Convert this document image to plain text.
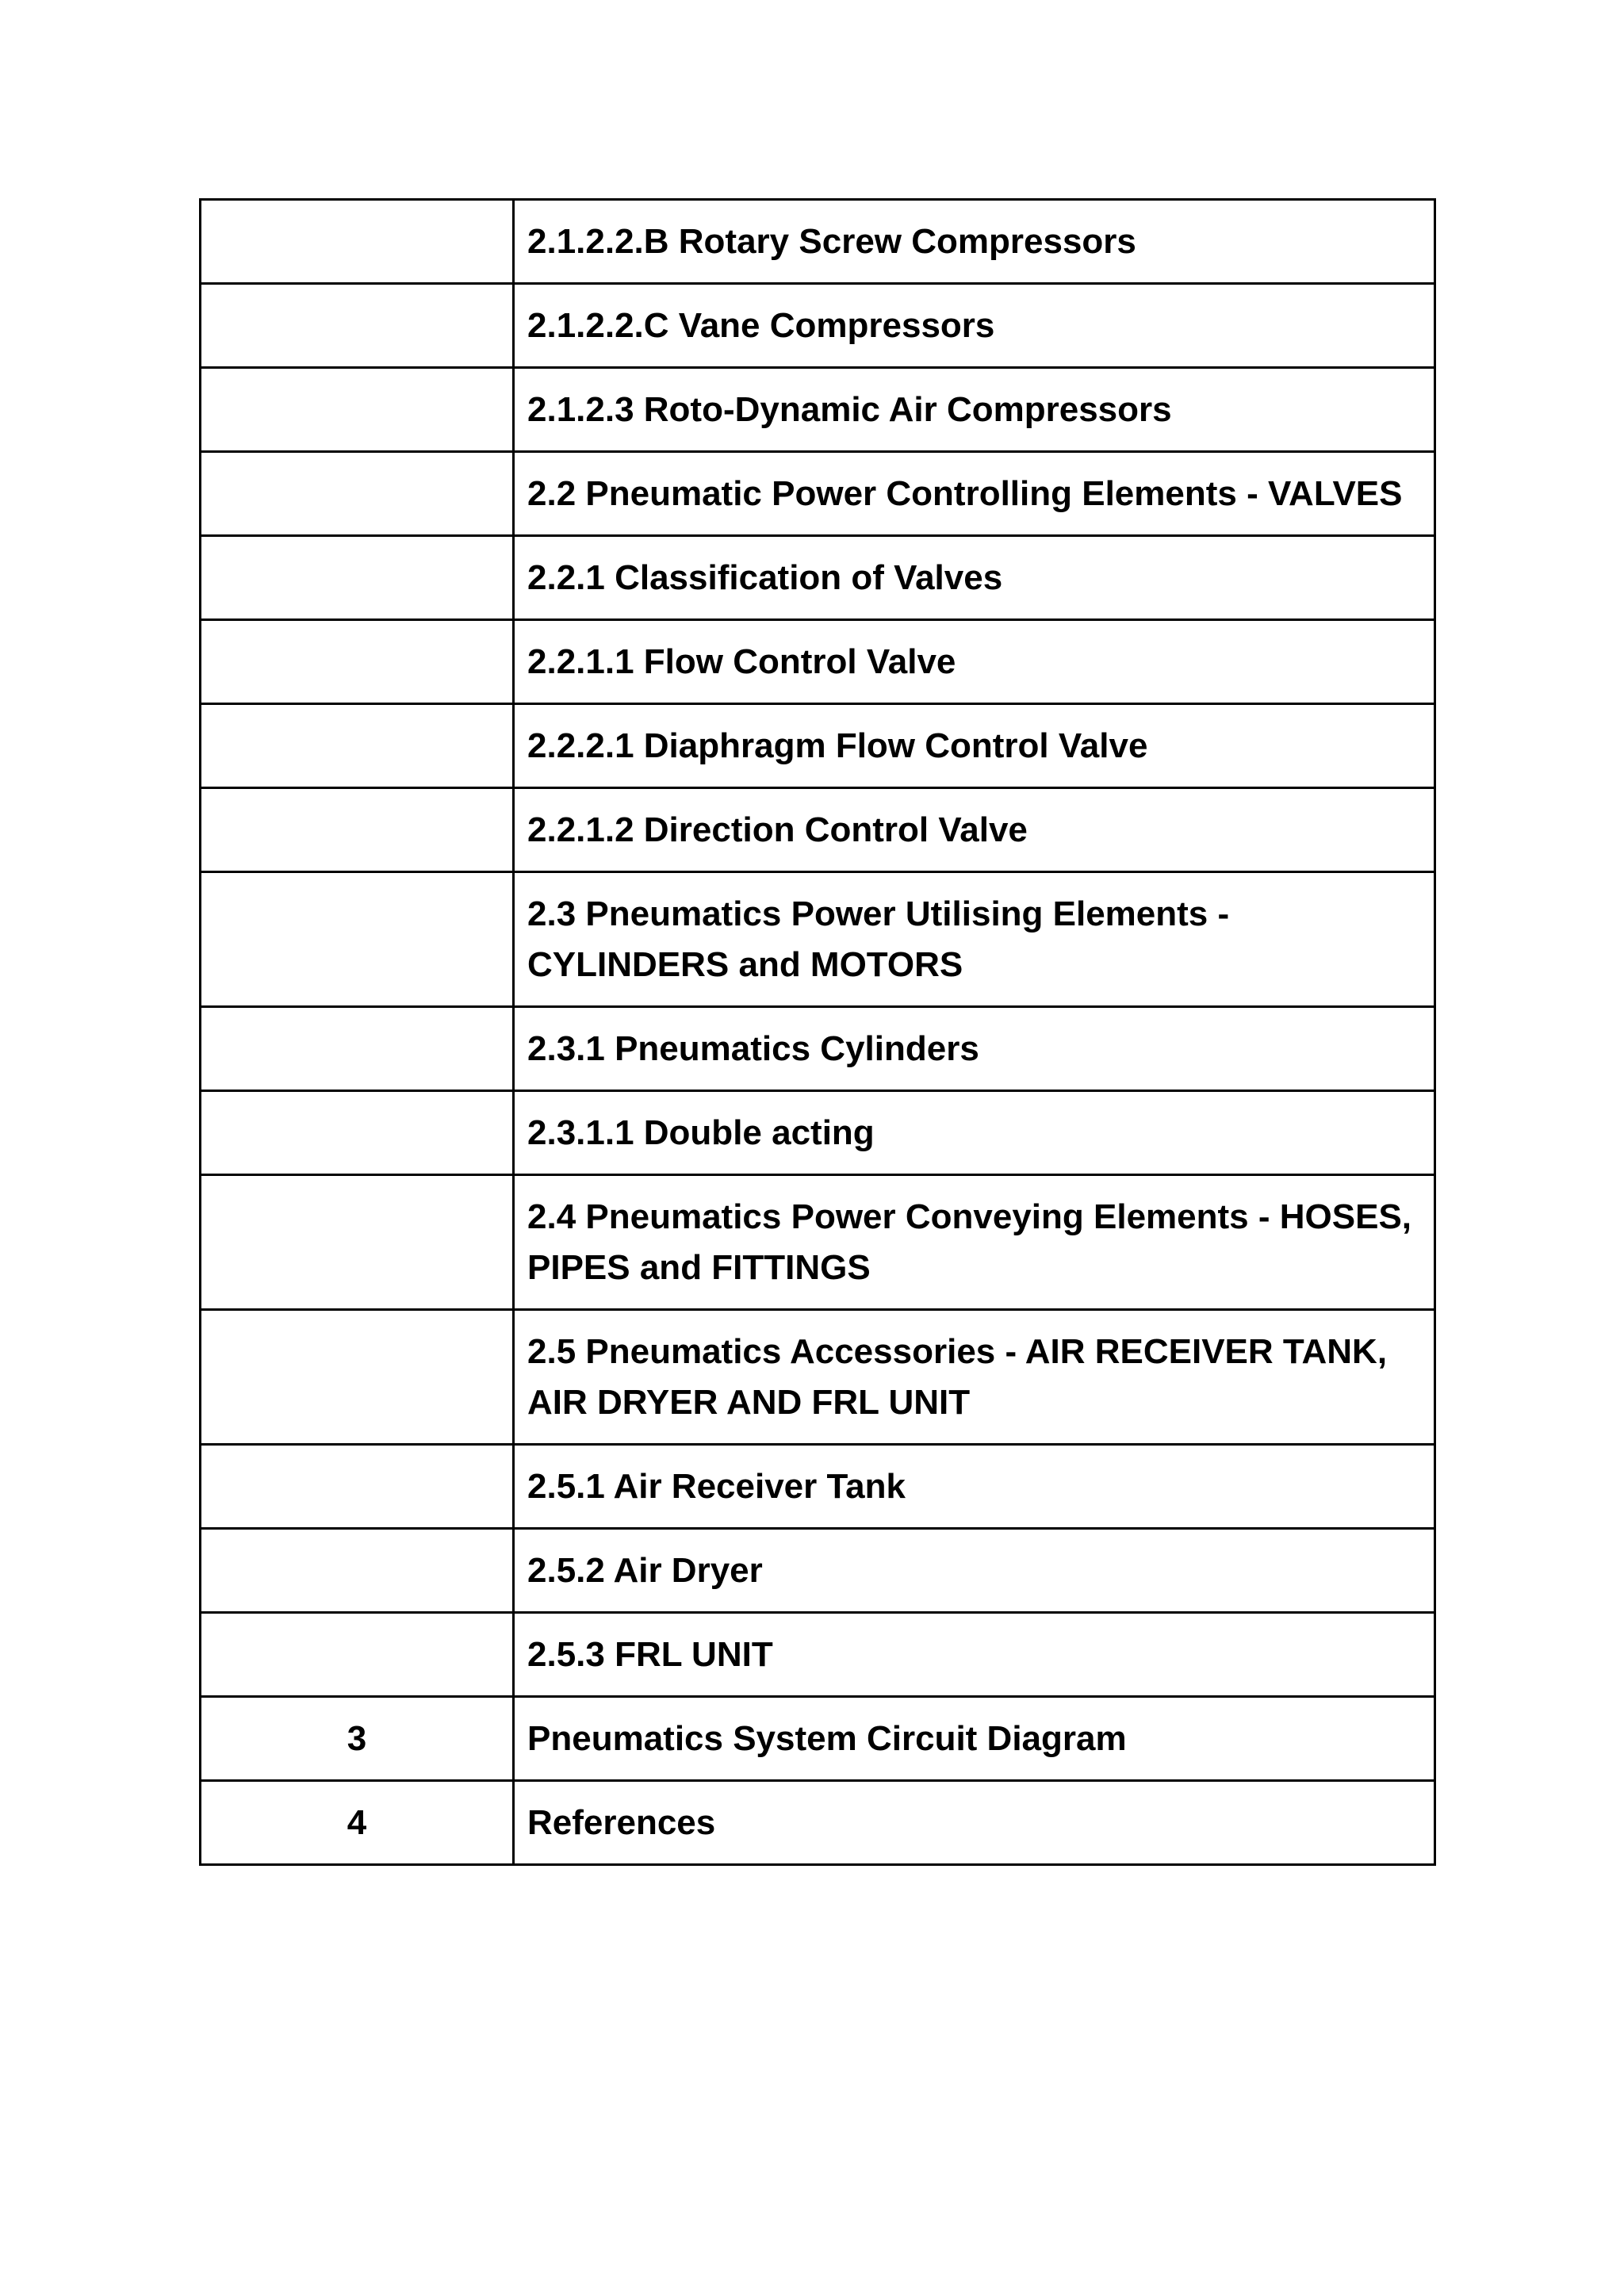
	2.1.2.2.B Rotary Screw Compressors
	2.1.2.2.C Vane Compressors
	2.1.2.3 Roto-Dynamic Air Compressors
	2.2 Pneumatic Power Controlling Elements - VALVES
	2.2.1 Classification of Valves
	2.2.1.1 Flow Control Valve
	2.2.2.1 Diaphragm Flow Control Valve
	2.2.1.2 Direction Control Valve
	2.3 Pneumatics Power Utilising Elements - CYLINDERS and MOTORS
	2.3.1 Pneumatics Cylinders
	2.3.1.1 Double acting
	2.4 Pneumatics Power Conveying Elements - HOSES, PIPES and FITTINGS
	2.5 Pneumatics Accessories - AIR RECEIVER TANK, AIR DRYER AND FRL UNIT
	2.5.1 Air Receiver Tank
	2.5.2 Air Dryer
	2.5.3 FRL UNIT
3	Pneumatics System Circuit Diagram
4	References
